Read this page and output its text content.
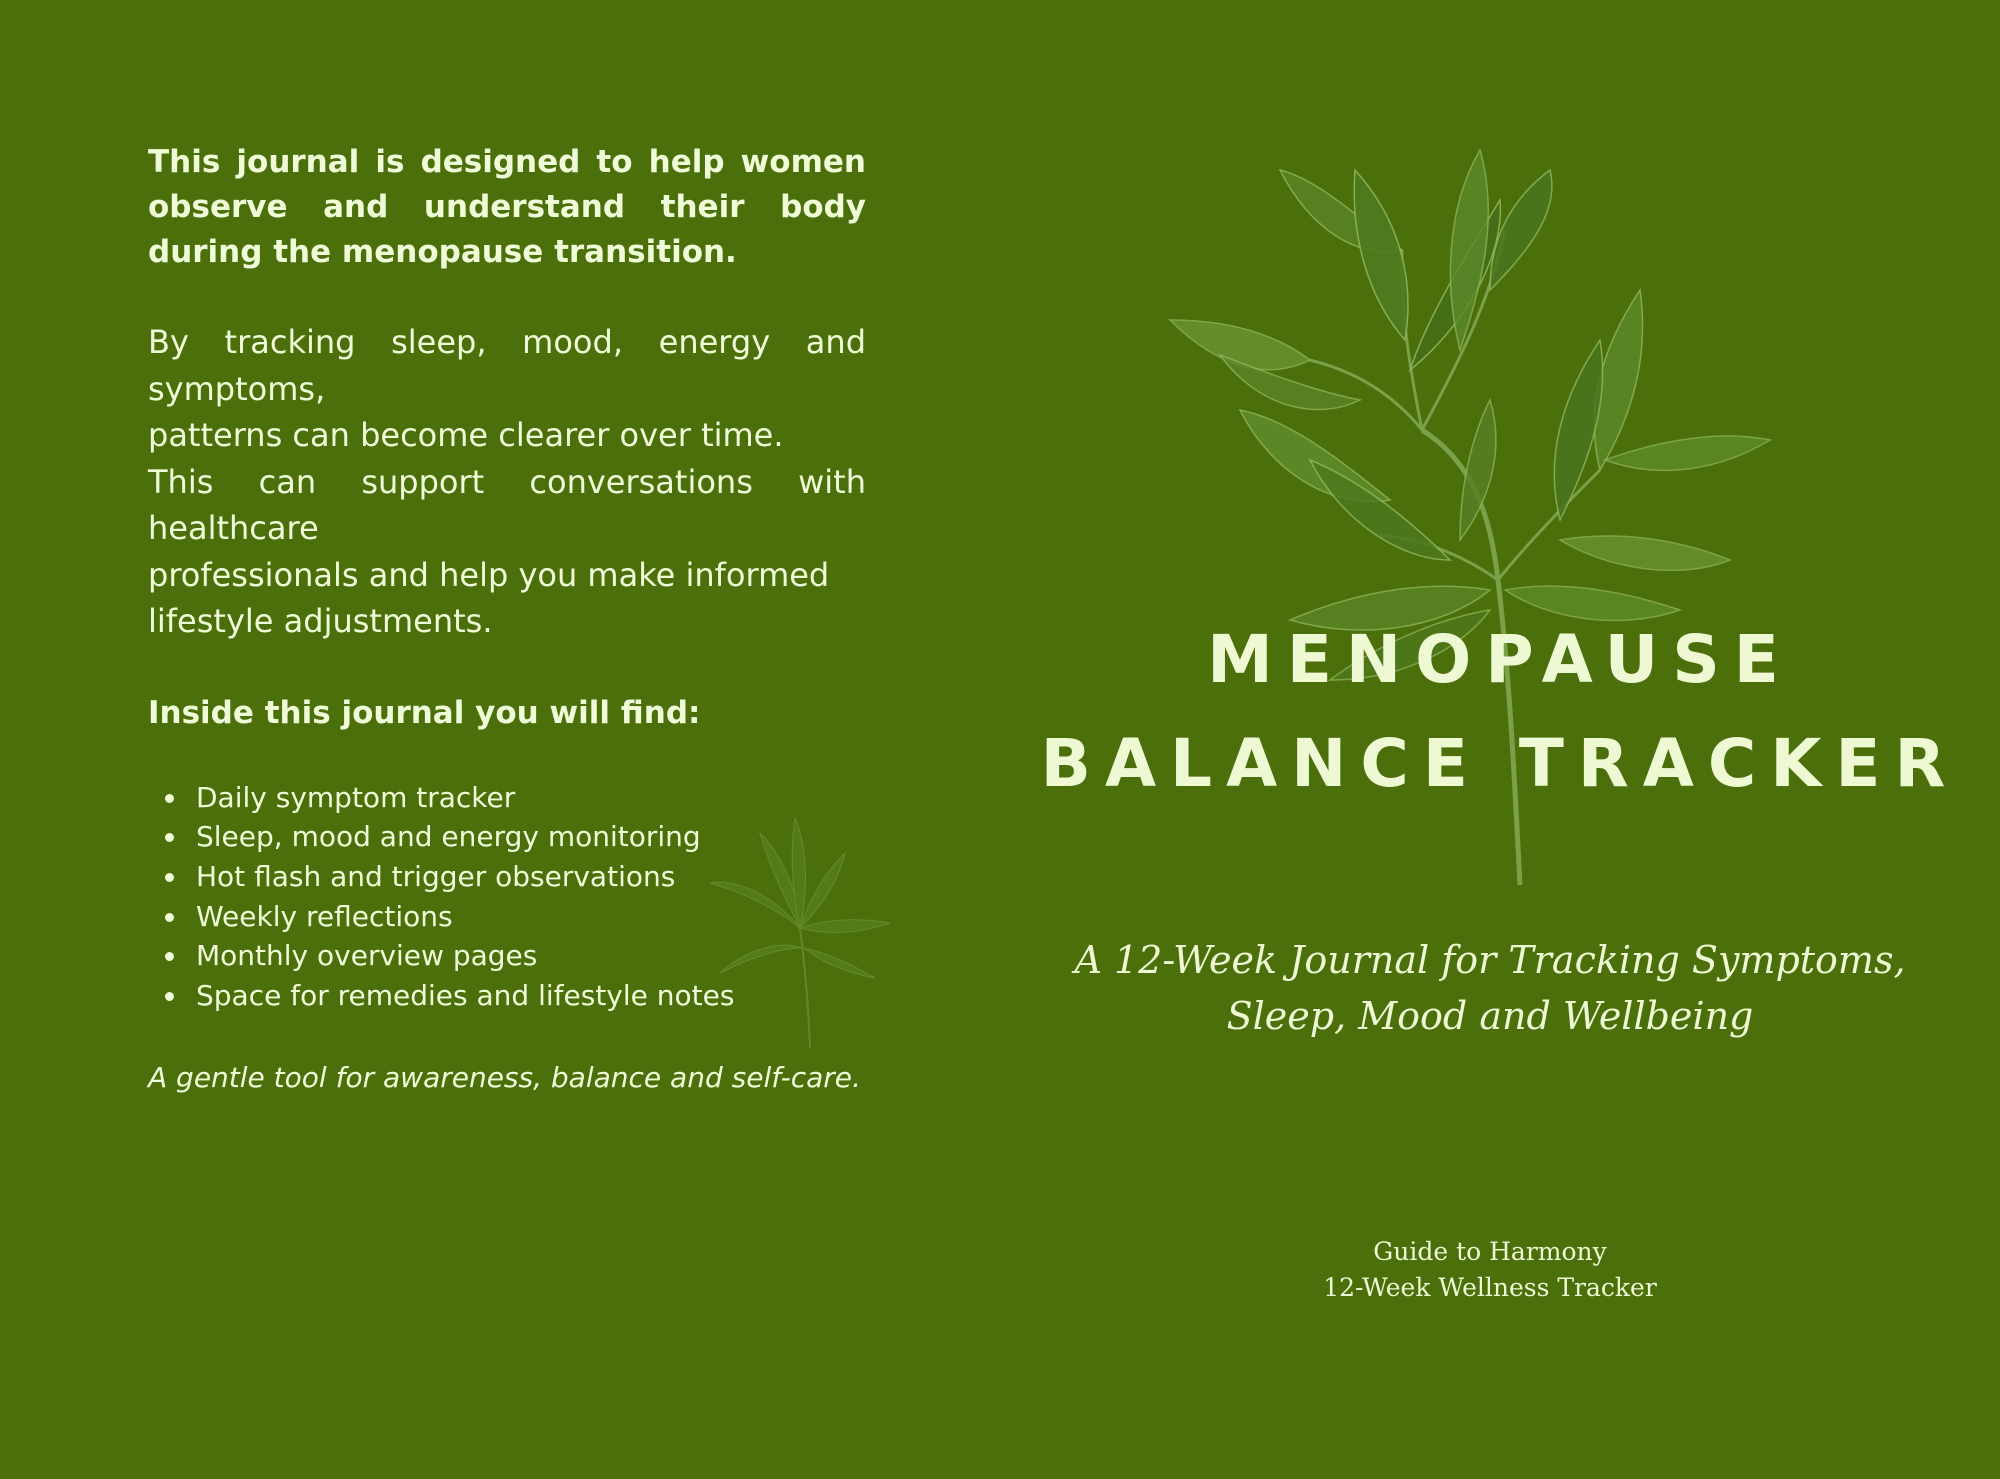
This journal is designed to help women observe and understand their body during the menopause transition.

By tracking sleep, mood, energy and
symptoms,
patterns can become clearer over time.
This can support conversations with
healthcare
professionals and help you make informed
lifestyle adjustments.

Inside this journal you will find:

Daily symptom tracker
Sleep, mood and energy monitoring
Hot flash and trigger observations
Weekly reflections
Monthly overview pages
Space for remedies and lifestyle notes

A gentle tool for awareness, balance and self-care.

MENOPAUSE

BALANCE TRACKER

A 12-Week Journal for Tracking Symptoms,
Sleep, Mood and Wellbeing

Guide to Harmony
12-Week Wellness Tracker
